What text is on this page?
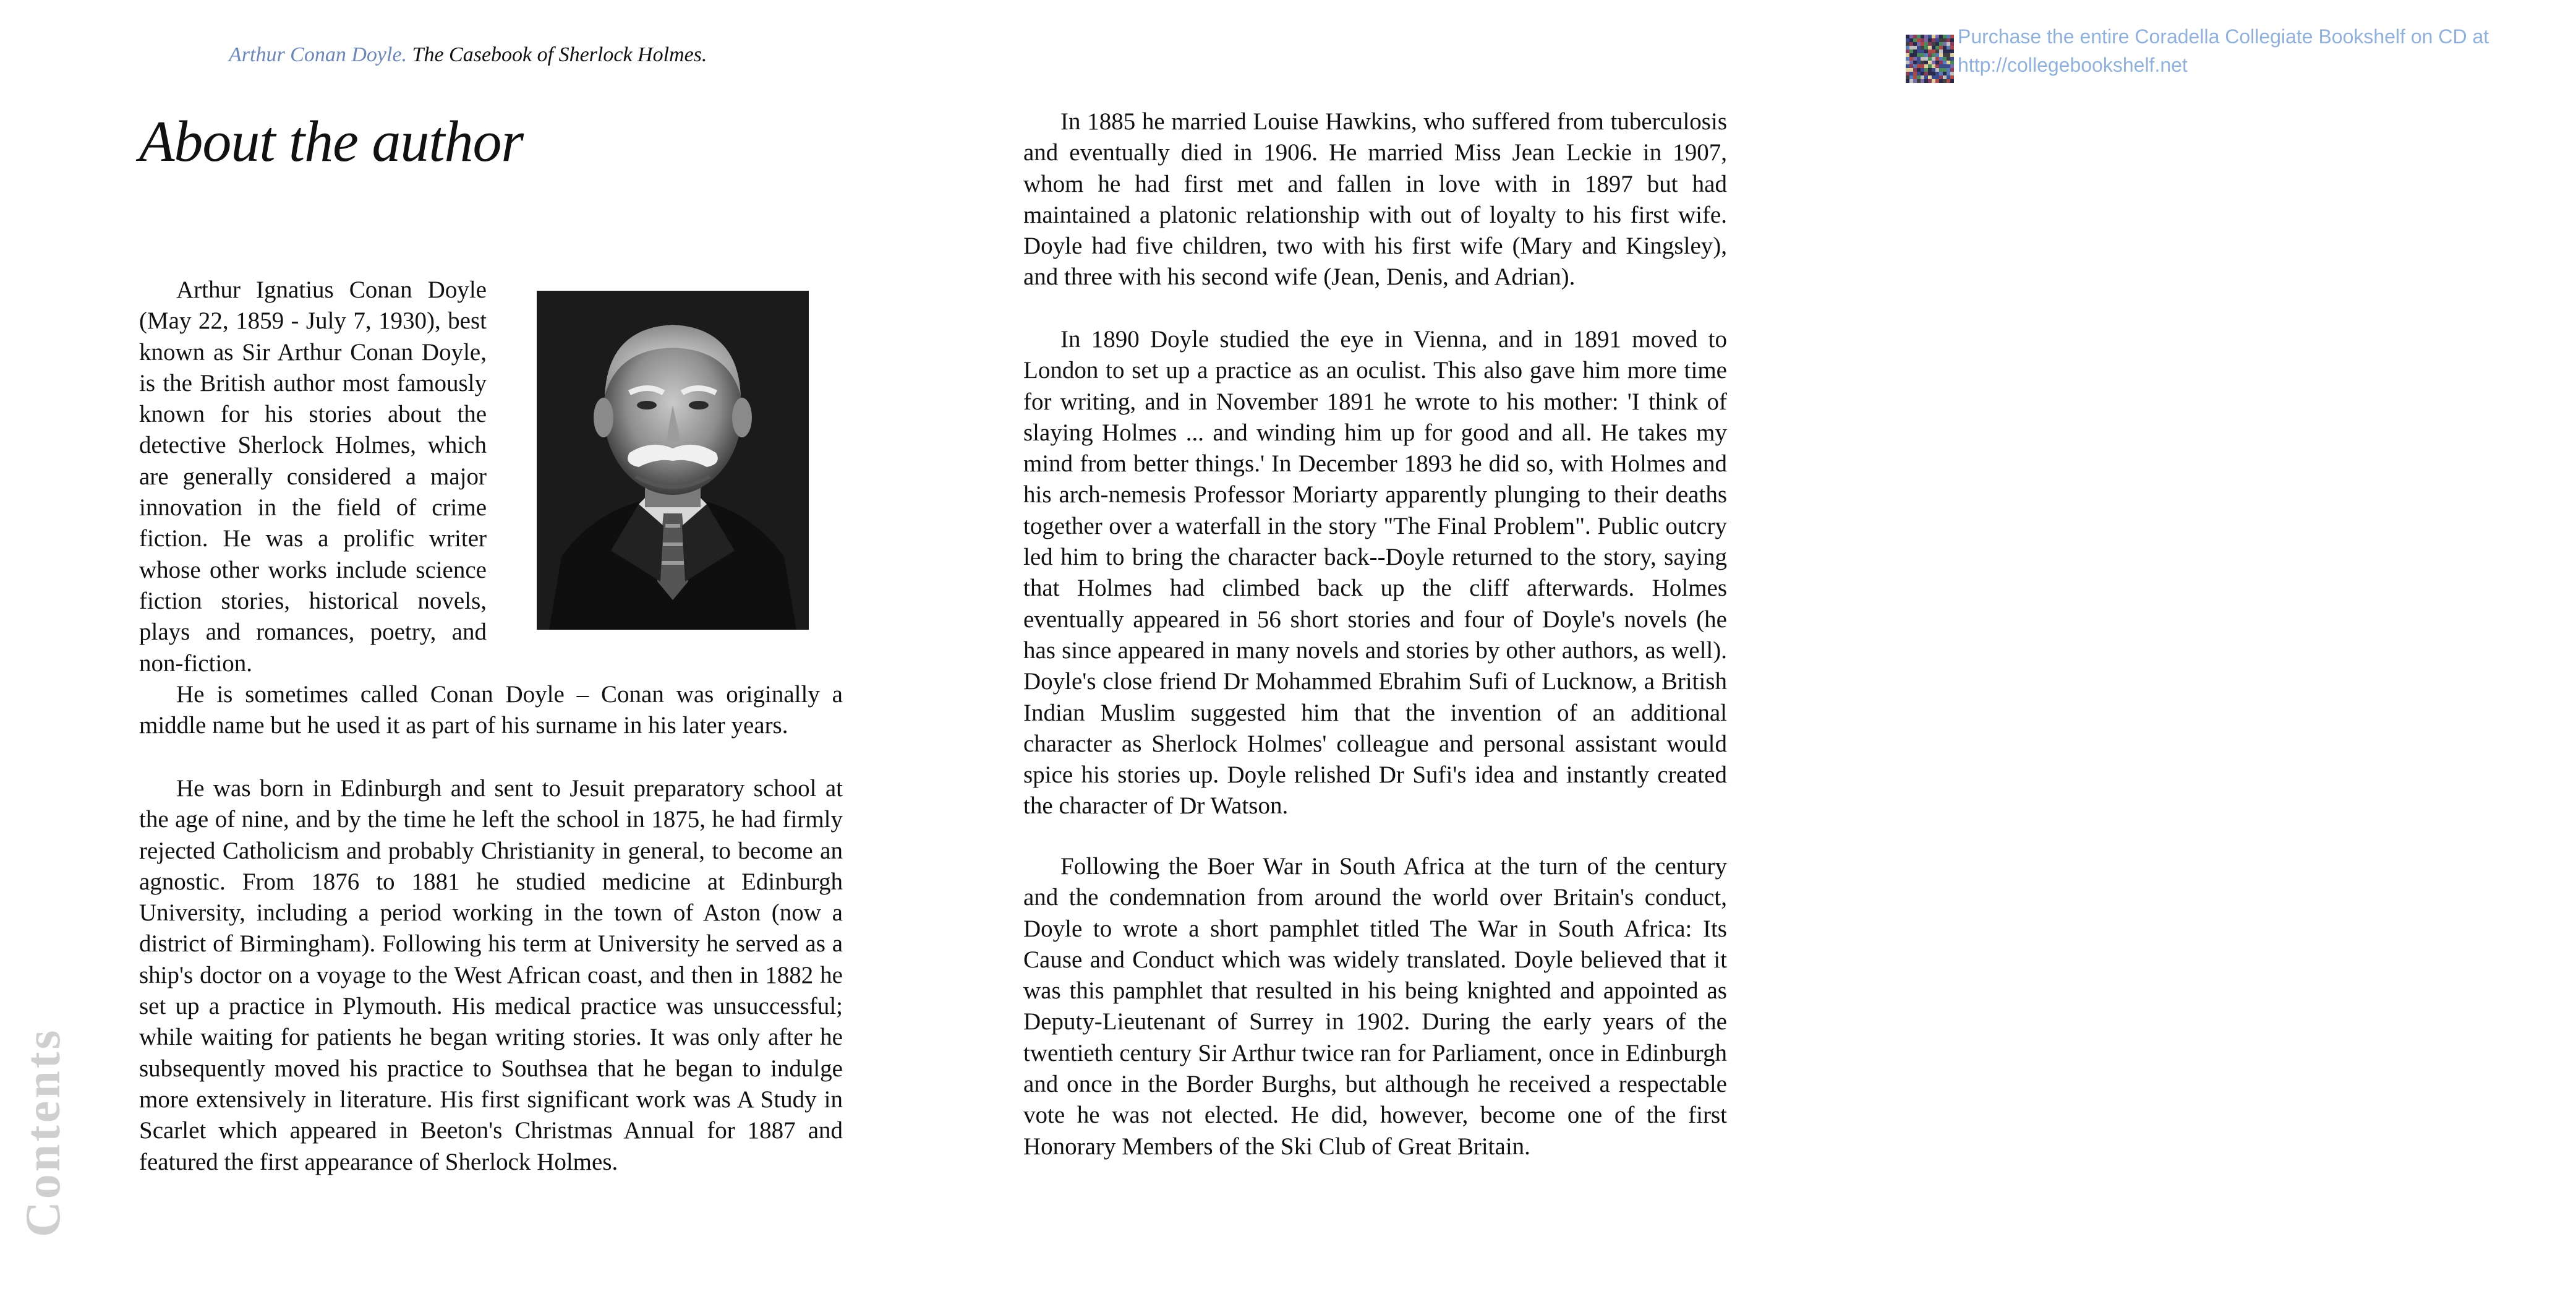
Arthur Conan Doyle. The Casebook of Sherlock Holmes.
About the author

Arthur Ignatius Conan Doyle (May 22, 1859 - July 7, 1930), best known as Sir Arthur Conan Doyle, is the British author most famously known for his stories about the detective Sherlock Holmes, which are generally considered a major innovation in the field of crime fiction. He was a prolific writer whose other works include science fiction stories, historical novels, plays and romances, poetry, and non-fiction.

He is sometimes called Conan Doyle – Conan was originally a middle name but he used it as part of his surname in his later years.

He was born in Edinburgh and sent to Jesuit preparatory school at the age of nine, and by the time he left the school in 1875, he had firmly rejected Catholicism and probably Christianity in general, to become an agnostic. From 1876 to 1881 he studied medicine at Edinburgh University, including a period working in the town of Aston (now a district of Birmingham). Following his term at University he served as a ship's doctor on a voyage to the West African coast, and then in 1882 he set up a practice in Plymouth. His medical practice was unsuccessful; while waiting for patients he began writing stories. It was only after he subsequently moved his practice to Southsea that he began to indulge more extensively in literature. His first significant work was A Study in Scarlet which appeared in Beeton's Christmas Annual for 1887 and featured the first appearance of Sherlock Holmes.

Contents
Purchase the entire Coradella Collegiate Bookshelf on CD at
http://collegebookshelf.net

In 1885 he married Louise Hawkins, who suffered from tuberculosis and eventually died in 1906. He married Miss Jean Leckie in 1907, whom he had first met and fallen in love with in 1897 but had maintained a platonic relationship with out of loyalty to his first wife. Doyle had five children, two with his first wife (Mary and Kingsley), and three with his second wife (Jean, Denis, and Adrian).

In 1890 Doyle studied the eye in Vienna, and in 1891 moved to London to set up a practice as an oculist. This also gave him more time for writing, and in November 1891 he wrote to his mother: 'I think of slaying Holmes ... and winding him up for good and all. He takes my mind from better things.' In December 1893 he did so, with Holmes and his arch-nemesis Professor Moriarty apparently plunging to their deaths together over a waterfall in the story "The Final Problem". Public outcry led him to bring the character back--Doyle returned to the story, saying that Holmes had climbed back up the cliff afterwards. Holmes eventually appeared in 56 short stories and four of Doyle's novels (he has since appeared in many novels and stories by other authors, as well). Doyle's close friend Dr Mohammed Ebrahim Sufi of Lucknow, a British Indian Muslim suggested him that the invention of an additional character as Sherlock Holmes' colleague and personal assistant would spice his stories up. Doyle relished Dr Sufi's idea and instantly created the character of Dr Watson.

Following the Boer War in South Africa at the turn of the century and the condemnation from around the world over Britain's conduct, Doyle to wrote a short pamphlet titled The War in South Africa: Its Cause and Conduct which was widely translated. Doyle believed that it was this pamphlet that resulted in his being knighted and appointed as Deputy-Lieutenant of Surrey in 1902. During the early years of the twentieth century Sir Arthur twice ran for Parliament, once in Edinburgh and once in the Border Burghs, but although he received a respectable vote he was not elected. He did, however, become one of the first Honorary Members of the Ski Club of Great Britain.
